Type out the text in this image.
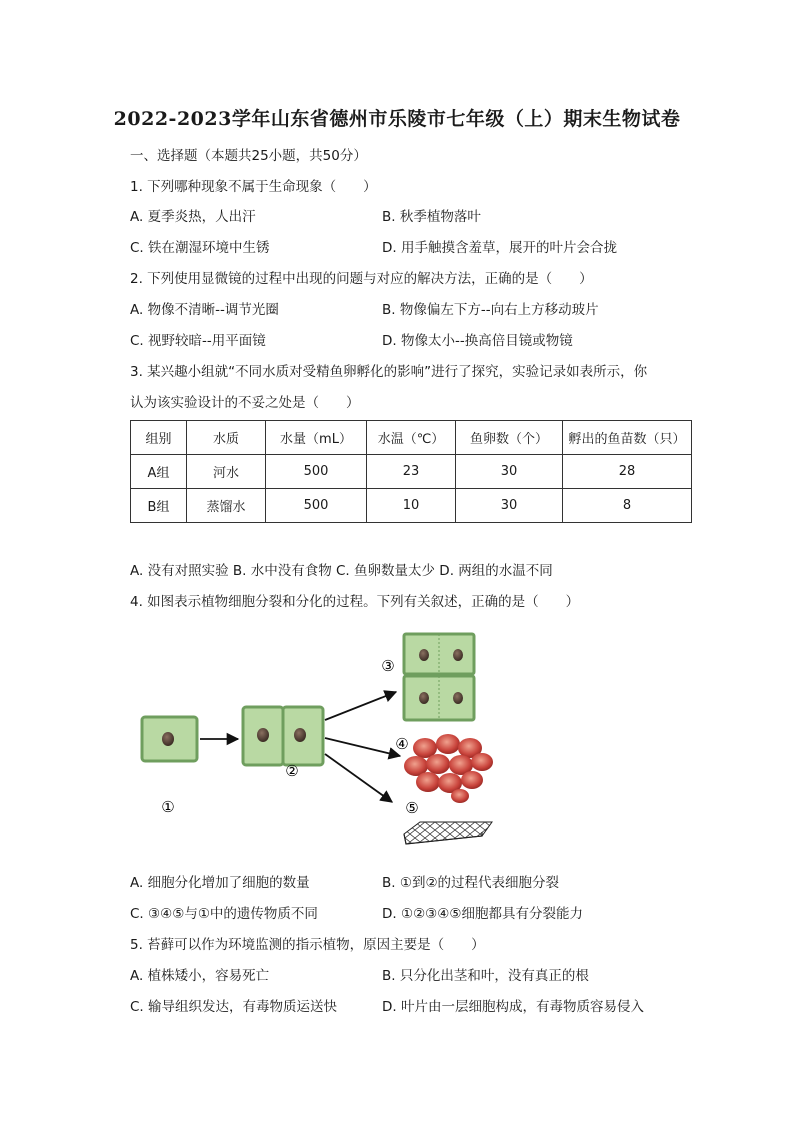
2022-2023学年山东省德州市乐陵市七年级（上）期末生物试卷
一、选择题（本题共25小题，共50分）
1. 下列哪种现象不属于生命现象（　　）
A. 夏季炎热，人出汗	B. 秋季植物落叶
C. 铁在潮湿环境中生锈	D. 用手触摸含羞草，展开的叶片会合拢
2. 下列使用显微镜的过程中出现的问题与对应的解决方法，正确的是（　　）
A. 物像不清晰--调节光圈	B. 物像偏左下方--向右上方移动玻片
C. 视野较暗--用平面镜	D. 物像太小--换高倍目镜或物镜
3. 某兴趣小组就“不同水质对受精鱼卵孵化的影响”进行了探究，实验记录如表所示，你
认为该实验设计的不妥之处是（　　）
组别	水质	水量（mL）	水温（℃）	鱼卵数（个）	孵出的鱼苗数（只）
A组	河水	500	23	30	28
B组	蒸馏水	500	10	30	8
A. 没有对照实验 B. 水中没有食物 C. 鱼卵数量太少 D. 两组的水温不同
4. 如图表示植物细胞分裂和分化的过程。下列有关叙述，正确的是（　　）
①
②
③
④
⑤
A. 细胞分化增加了细胞的数量	B. ①到②的过程代表细胞分裂
C. ③④⑤与①中的遗传物质不同	D. ①②③④⑤细胞都具有分裂能力
5. 苔藓可以作为环境监测的指示植物，原因主要是（　　）
A. 植株矮小，容易死亡	B. 只分化出茎和叶，没有真正的根
C. 输导组织发达，有毒物质运送快	D. 叶片由一层细胞构成，有毒物质容易侵入
